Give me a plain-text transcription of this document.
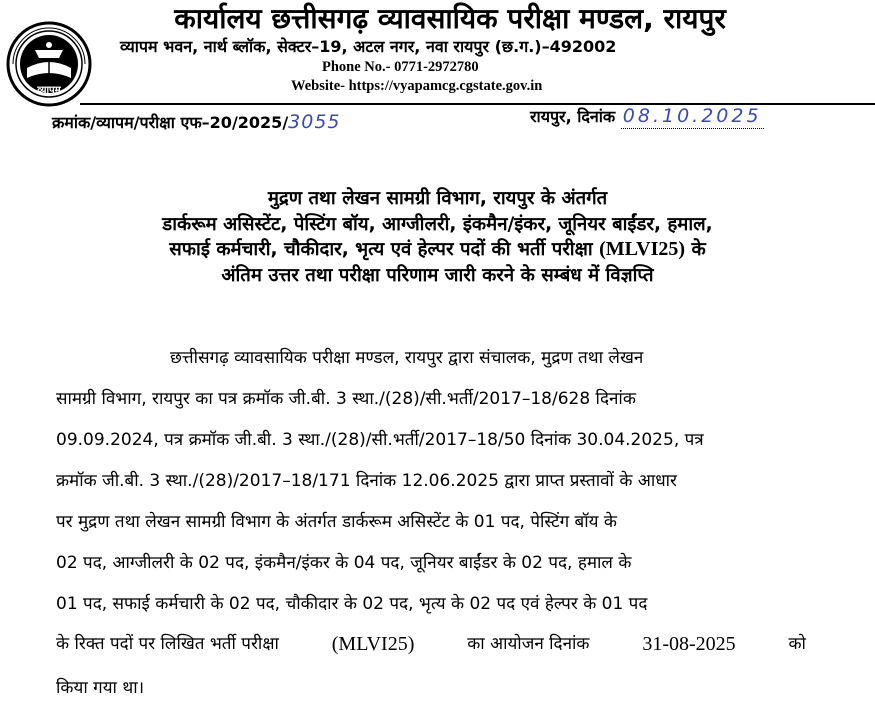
व्यापम
कार्यालय छत्तीसगढ़ व्यावसायिक परीक्षा मण्डल, रायपुर
व्यापम भवन, नार्थ ब्लॉक, सेक्टर–19, अटल नगर, नवा रायपुर (छ.ग.)–492002
Phone No.- 0771-2972780
Website- https://vyapamcg.cgstate.gov.in
क्रमांक/व्यापम/परीक्षा एफ–20/2025/3055	रायपुर, दिनांक 08.10.2025
मुद्रण तथा लेखन सामग्री विभाग, रायपुर के अंतर्गत
डार्करूम असिस्टेंट, पेस्टिंग बॉय, आग्जीलरी, इंकमैन/इंकर, जूनियर बाईंडर, हमाल,
सफाई कर्मचारी, चौकीदार, भृत्य एवं हेल्पर पदों की भर्ती परीक्षा (MLVI25) के
अंतिम उत्तर तथा परीक्षा परिणाम जारी करने के सम्बंध में विज्ञप्ति
छत्तीसगढ़ व्यावसायिक परीक्षा मण्डल, रायपुर द्वारा संचालक, मुद्रण तथा लेखन
सामग्री विभाग, रायपुर का पत्र क्रमॉक जी.बी. 3 स्था./(28)/सी.भर्ती/2017–18/628 दिनांक
09.09.2024, पत्र क्रमॉक जी.बी. 3 स्था./(28)/सी.भर्ती/2017–18/50 दिनांक 30.04.2025, पत्र
क्रमॉक जी.बी. 3 स्था./(28)/2017–18/171 दिनांक 12.06.2025 द्वारा प्राप्त प्रस्तावों के आधार
पर मुद्रण तथा लेखन सामग्री विभाग के अंतर्गत डार्करूम असिस्टेंट के 01 पद, पेस्टिंग बॉय के
02 पद, आग्जीलरी के 02 पद, इंकमैन/इंकर के 04 पद, जूनियर बाईंडर के 02 पद, हमाल के
01 पद, सफाई कर्मचारी के 02 पद, चौकीदार के 02 पद, भृत्य के 02 पद एवं हेल्पर के 01 पद
के रिक्त पदों पर लिखित भर्ती परीक्षा	(MLVI25)	का आयोजन दिनांक	31-08-2025	को
किया गया था।
